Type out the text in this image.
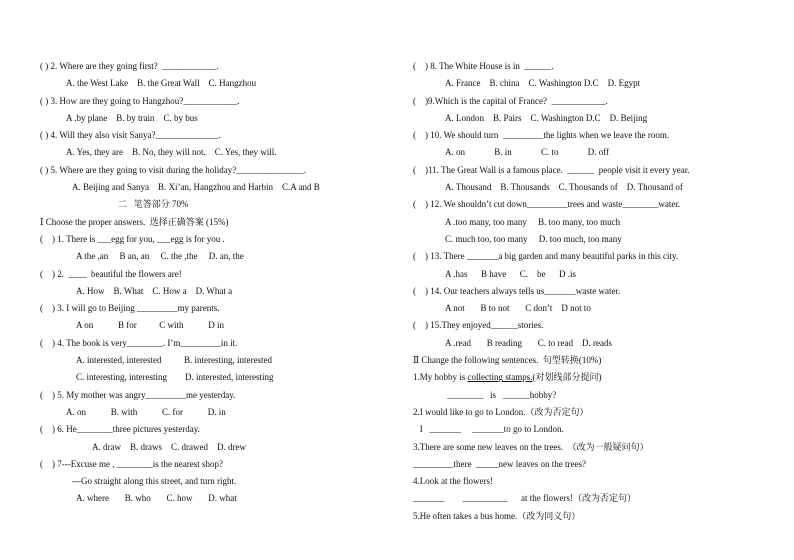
( ) 2. Where are they going first?  ____________.
A. the West Lake    B. the Great Wall    C. Hangzhou
( ) 3. How are they going to Hangzhou?____________.
A .by plane    B. by train    C. by bus
( ) 4. Will they also visit Sanya?______________.
A. Yes, they are    B. No, they will not.    C. Yes, they will.
( ) 5. Where are they going to visit during the holiday?_______________.
A. Beijing and Sanya    B. Xi’an, Hangzhou and Harbin    C.A and B
二   笔答部分 70%
Ⅰ Choose the proper answers.  选择正确答案 (15%)
(    ) 1. There is ___egg for you, ___egg is for you .
A the ,an     B an, an     C. the ,the     D. an, the
(    ) 2.  ____  beautiful the flowers are!
A. How    B. What    C. How a    D. What a
(    ) 3. I will go to Beijing _________my parents.
A on           B for          C with           D in
(    ) 4. The book is very________. I’m_________in it.
A. interested, interested          B. interesting, interested
C. interesting, interesting        D. interested, interesting
(    ) 5. My mother was angry_________me yesterday.
A. on           B. with           C. for           D. in
(    ) 6. He________three pictures yesterday.
A. draw    B. draws    C. drawed    D. drew
(    ) 7---Excuse me , ________is the nearest shop?
---Go straight along this street, and turn right.
A. where       B. who       C. how       D. what
(    ) 8. The White House is in  ______.
A. France    B. china    C. Washington D.C    D. Egypt
(    )9.Which is the capital of France?  ____________.
A. London    B. Pairs    C. Washington D.C    D. Beijing
(    ) 10. We should turn  _________the lights when we leave the room.
A. on             B. in             C. to             D. off
(    )11. The Great Wall is a famous place.  ______  people visit it every year.
A. Thousand    B. Thousands    C. Thousands of    D. Thousand of
(    ) 12. We shouldn’t cut down_________trees and waste________water.
A .too many, too many     B. too many, too much
C. much too, too many     D. too much, too many
(    ) 13. There _______a big garden and many beautiful parks in this city.
A .has      B have      C.    be      D .is
(    ) 14. Our teachers always tells us_______waste water.
A not       B to not       C don’t    D not to
(    ) 15.They enjoyed______stories.
A .read       B reading       C. to read    D. reads
Ⅱ Change the following sentences.  句型转换(10%)
1.My hobby is collecting stamps.(对划线部分提问)
________   is   ______hobby?
2.I would like to go to London.（改为否定句）
I   _______     _______to go to London.
3.There are some new leaves on the trees.  （改为一般疑问句）
_________there  _____new leaves on the trees?
4.Look at the flowers!
_______        __________      at the flowers!（改为否定句）
5.He often takes a bus home.（改为同义句）
